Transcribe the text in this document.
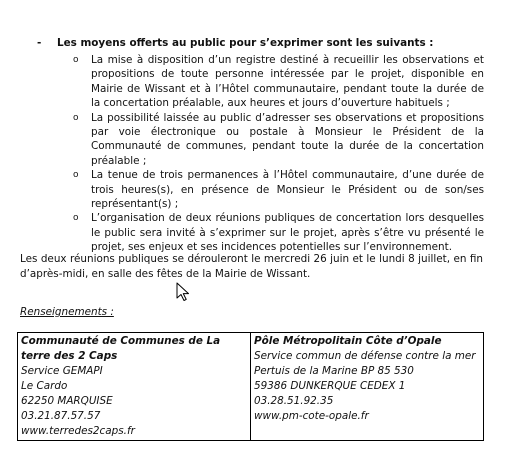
- Les moyens offerts au public pour s’exprimer sont les suivants :
o La mise à disposition d’un registre destiné à recueillir les observations et propositions de toute personne intéressée par le projet, disponible en Mairie de Wissant et à l’Hôtel communautaire, pendant toute la durée de la concertation préalable, aux heures et jours d’ouverture habituels ;
o La possibilité laissée au public d’adresser ses observations et propositions par voie électronique ou postale à Monsieur le Président de la Communauté de communes, pendant toute la durée de la concertation préalable ;
o La tenue de trois permanences à l’Hôtel communautaire, d’une durée de trois heures(s), en présence de Monsieur le Président ou de son/ses représentant(s) ;
o L’organisation de deux réunions publiques de concertation lors desquelles le public sera invité à s’exprimer sur le projet, après s’être vu présenté le projet, ses enjeux et ses incidences potentielles sur l’environnement.

Les deux réunions publiques se dérouleront le mercredi 26 juin et le lundi 8 juillet, en fin d’après-midi, en salle des fêtes de la Mairie de Wissant.

Renseignements :
Communauté de Communes de La terre des 2 Caps
Service GEMAPI
Le Cardo
62250 MARQUISE
03.21.87.57.57
www.terredes2caps.fr

Pôle Métropolitain Côte d’Opale
Service commun de défense contre la mer
Pertuis de la Marine BP 85 530
59386 DUNKERQUE CEDEX 1
03.28.51.92.35
www.pm-cote-opale.fr
